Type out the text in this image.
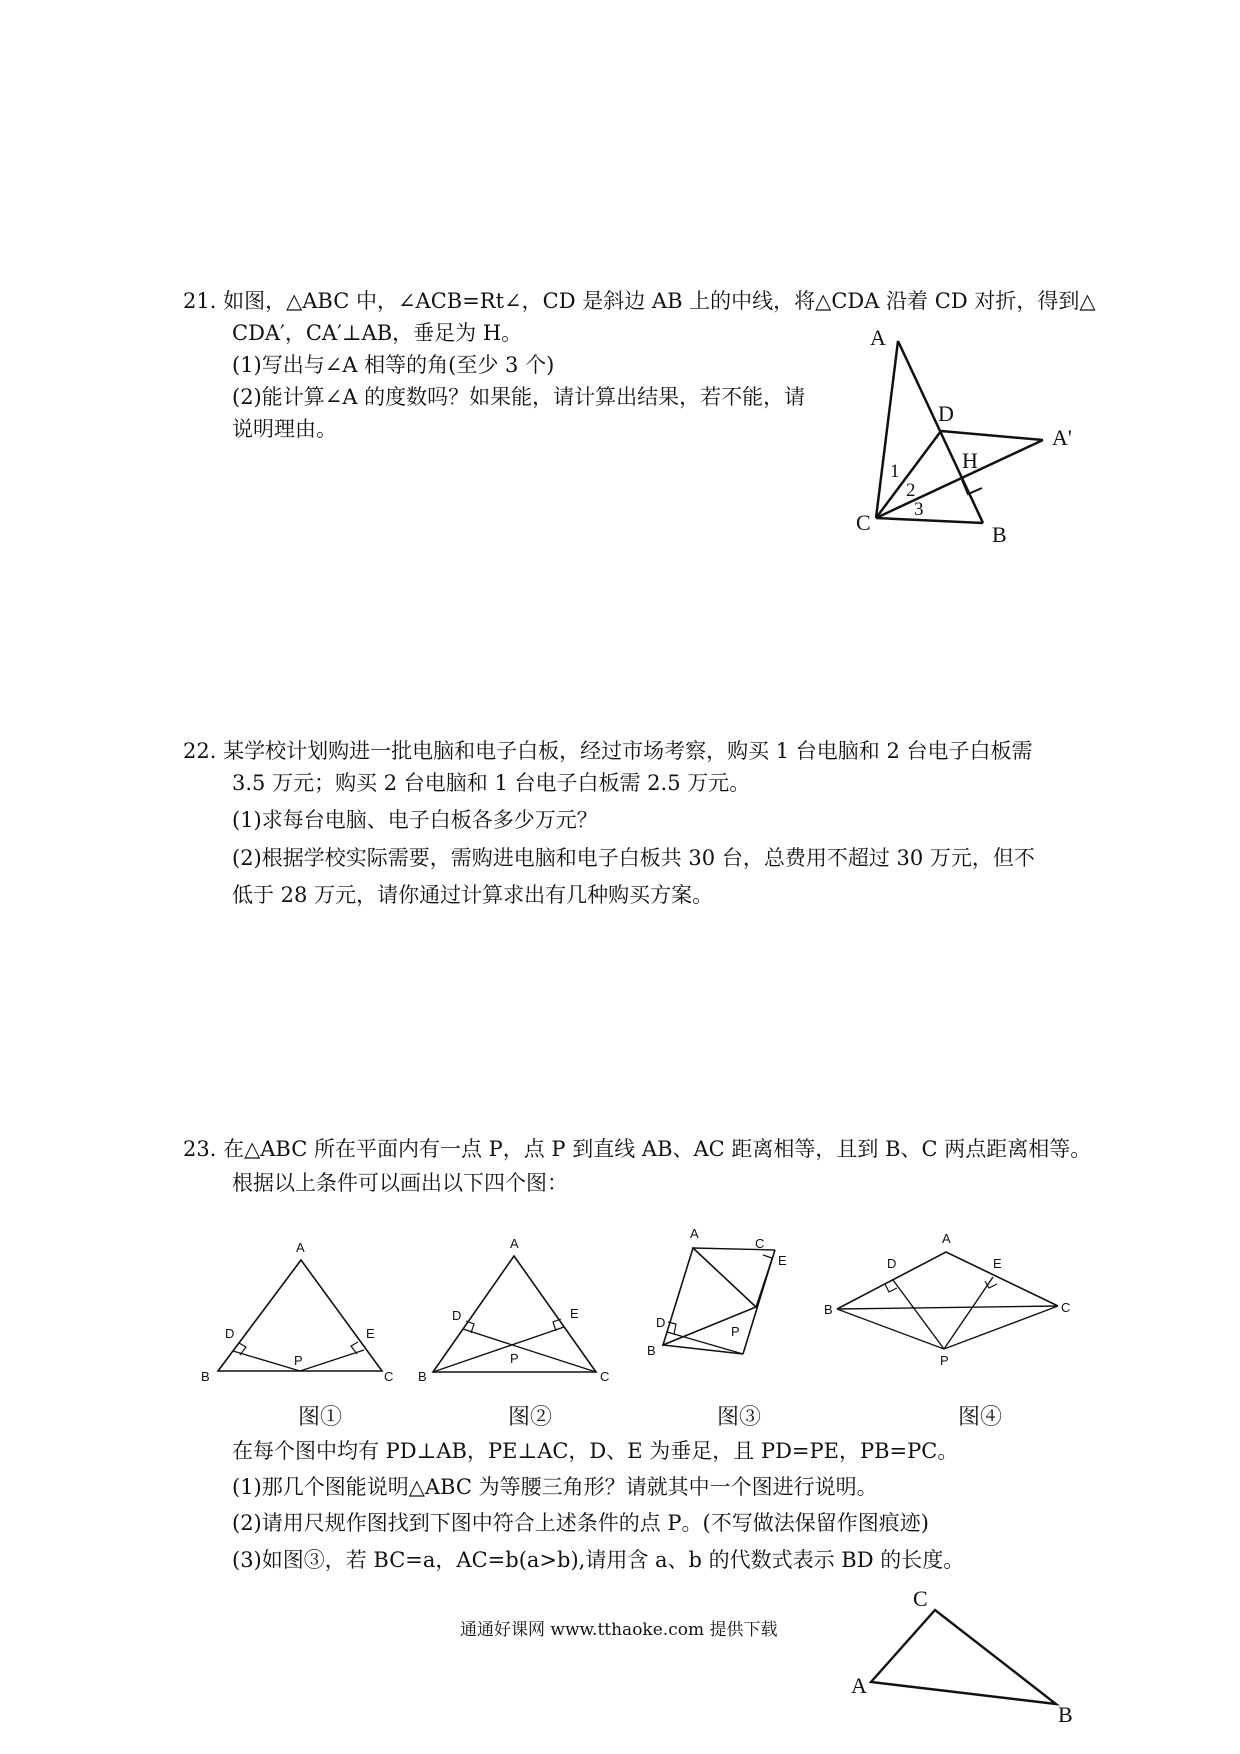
21. 如图，△ABC 中，∠ACB=Rt∠，CD 是斜边 AB 上的中线，将△CDA 沿着 CD 对折，得到△
CDA′，CA′⊥AB，垂足为 H。
(1)写出与∠A 相等的角(至少 3 个)
(2)能计算∠A 的度数吗？如果能，请计算出结果，若不能，请
说明理由。
A
D
A'
H
C	B
1
2
3
22. 某学校计划购进一批电脑和电子白板，经过市场考察，购买 1 台电脑和 2 台电子白板需
3.5 万元；购买 2 台电脑和 1 台电子白板需 2.5 万元。
(1)求每台电脑、电子白板各多少万元？
(2)根据学校实际需要，需购进电脑和电子白板共 30 台，总费用不超过 30 万元，但不
低于 28 万元，请你通过计算求出有几种购买方案。
23. 在△ABC 所在平面内有一点 P，点 P 到直线 AB、AC 距离相等，且到 B、C 两点距离相等。
根据以上条件可以画出以下四个图：
A
B	C
D	E
P
A
B	C
D	E
P
A
B
C
D
E
P
A
B	C
D	E
P
C
A
B
图①	图②	图③	图④
在每个图中均有 PD⊥AB，PE⊥AC，D、E 为垂足，且 PD=PE，PB=PC。
(1)那几个图能说明△ABC 为等腰三角形？请就其中一个图进行说明。
(2)请用尺规作图找到下图中符合上述条件的点 P。(不写做法保留作图痕迹)
(3)如图③，若 BC=a，AC=b(a>b),请用含 a、b 的代数式表示 BD 的长度。
通通好课网 www.tthaoke.com 提供下载
